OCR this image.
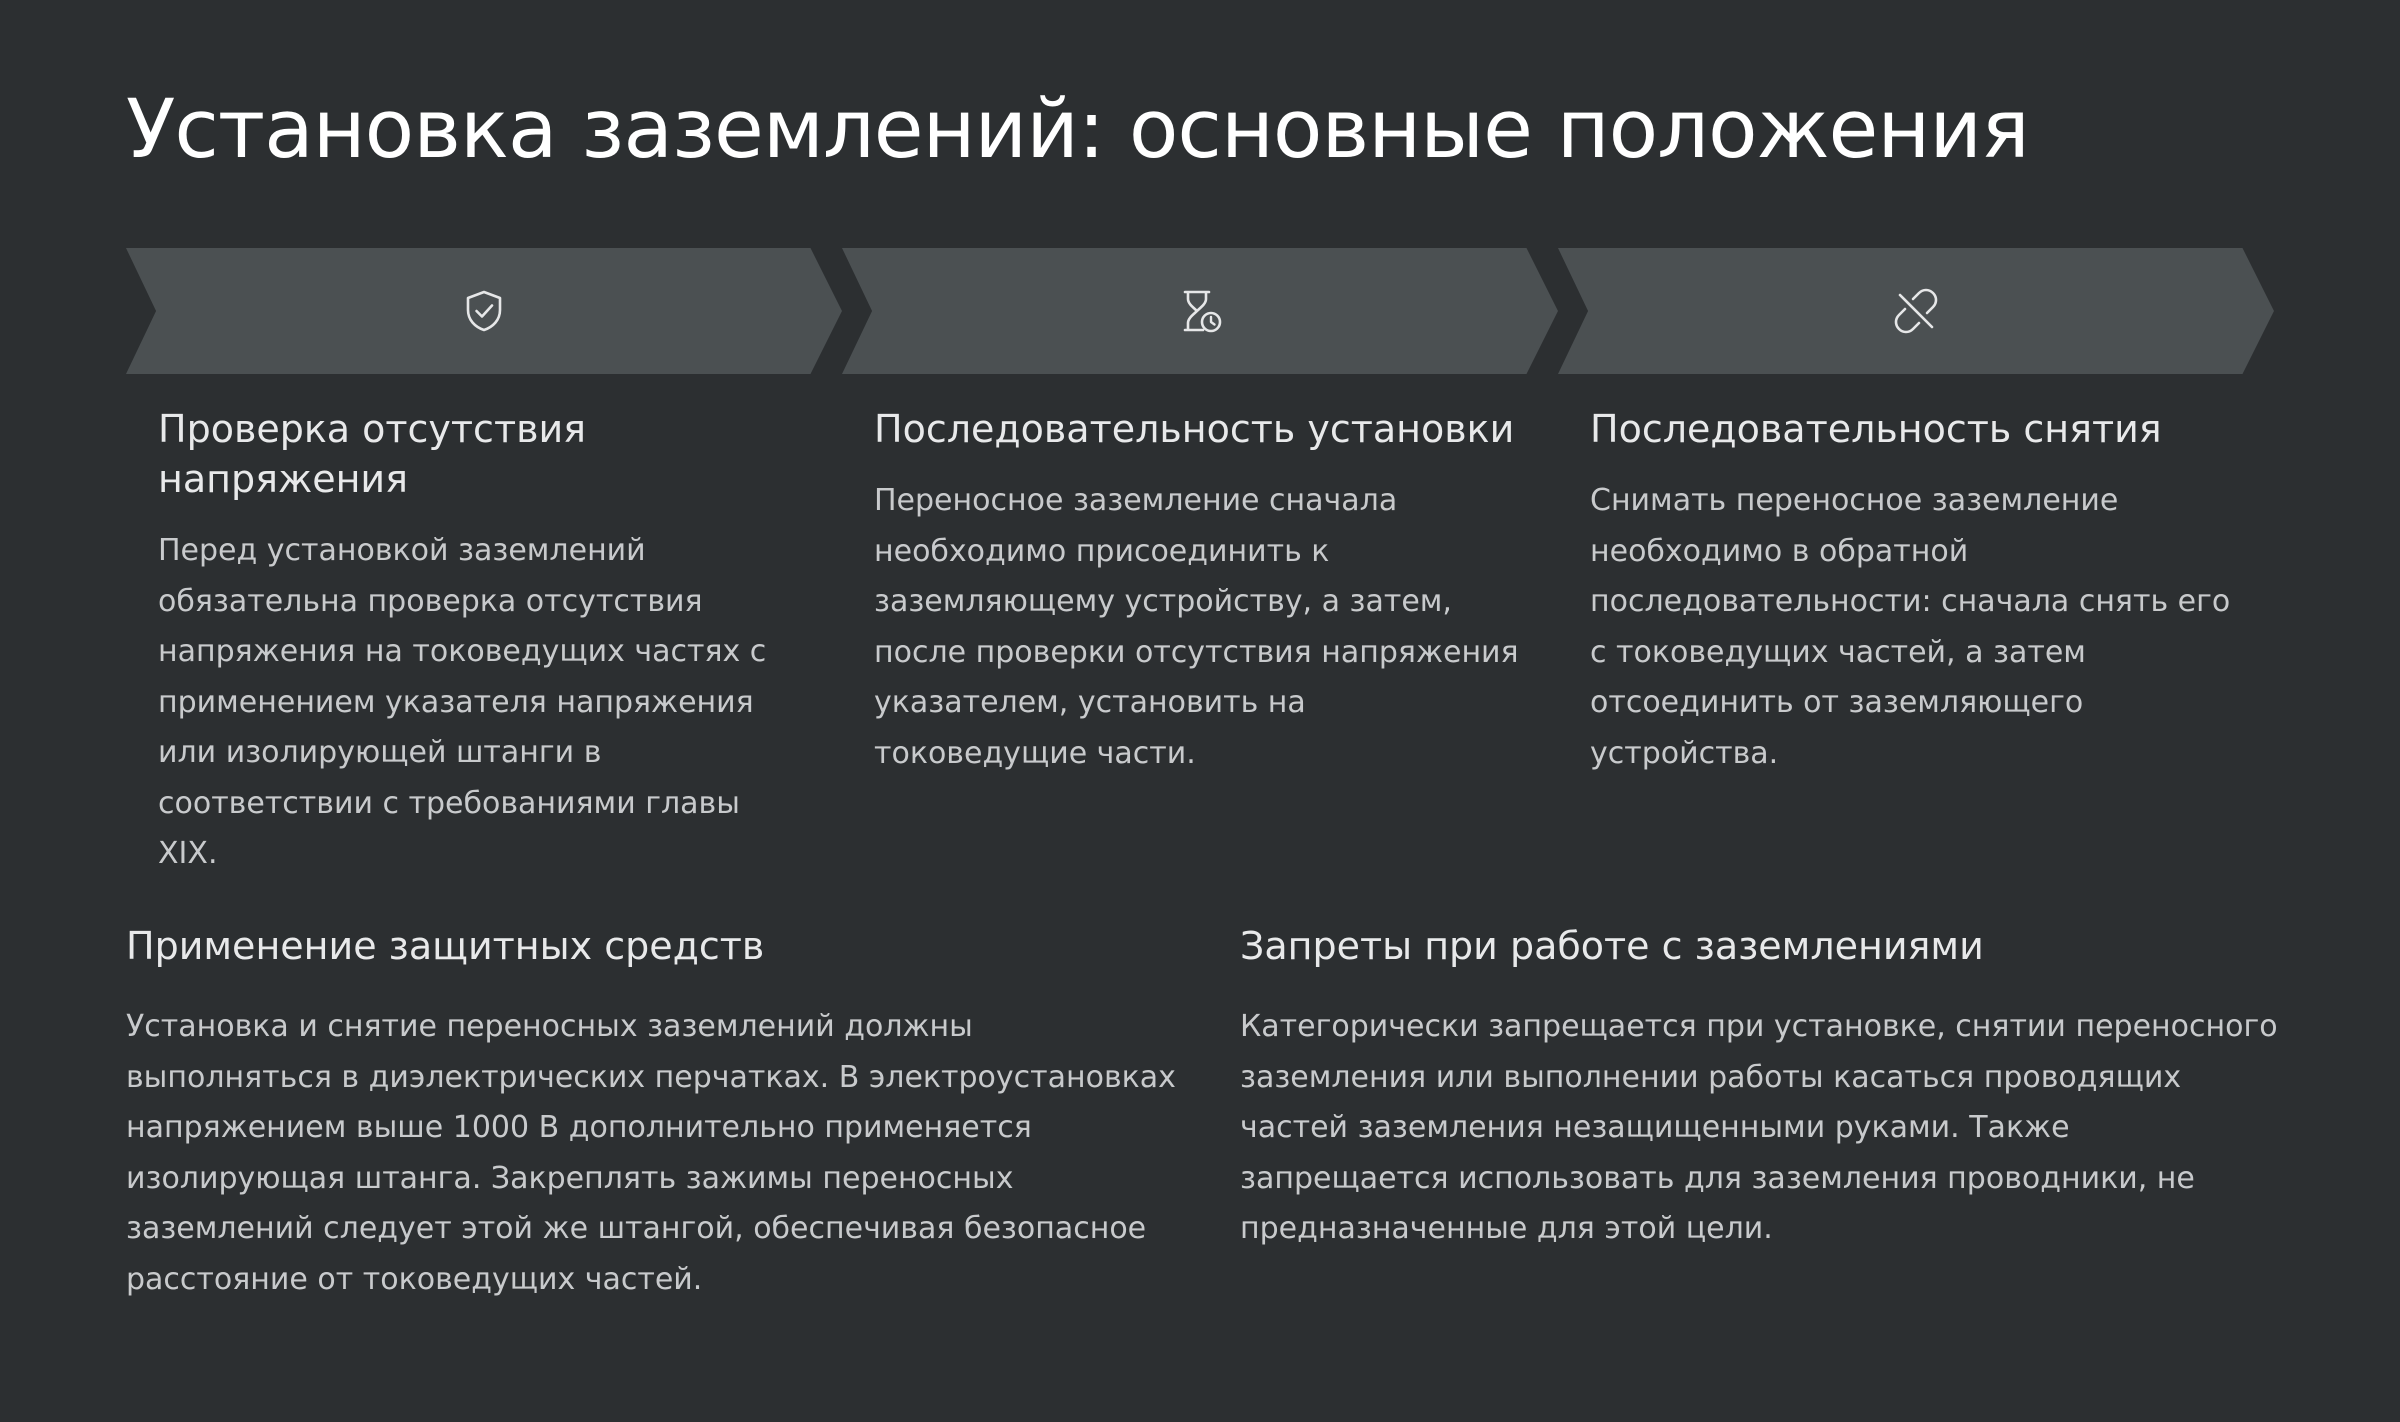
Установка заземлений: основные положения
Проверка отсутствия напряжения

Перед установкой заземлений обязательна проверка отсутствия напряжения на токоведущих частях с применением указателя напряжения или изолирующей штанги в соответствии с требованиями главы XIX.

Последовательность установки

Переносное заземление сначала необходимо присоединить к заземляющему устройству, а затем, после проверки отсутствия напряжения указателем, установить на токоведущие части.

Последовательность снятия

Снимать переносное заземление необходимо в обратной последовательности: сначала снять его с токоведущих частей, а затем отсоединить от заземляющего устройства.

Применение защитных средств

Установка и снятие переносных заземлений должны выполняться в диэлектрических перчатках. В электроустановках напряжением выше 1000 В дополнительно применяется изолирующая штанга. Закреплять зажимы переносных заземлений следует этой же штангой, обеспечивая безопасное расстояние от токоведущих частей.

Запреты при работе с заземлениями

Категорически запрещается при установке, снятии переносного заземления или выполнении работы касаться проводящих частей заземления незащищенными руками. Также запрещается использовать для заземления проводники, не предназначенные для этой цели.
